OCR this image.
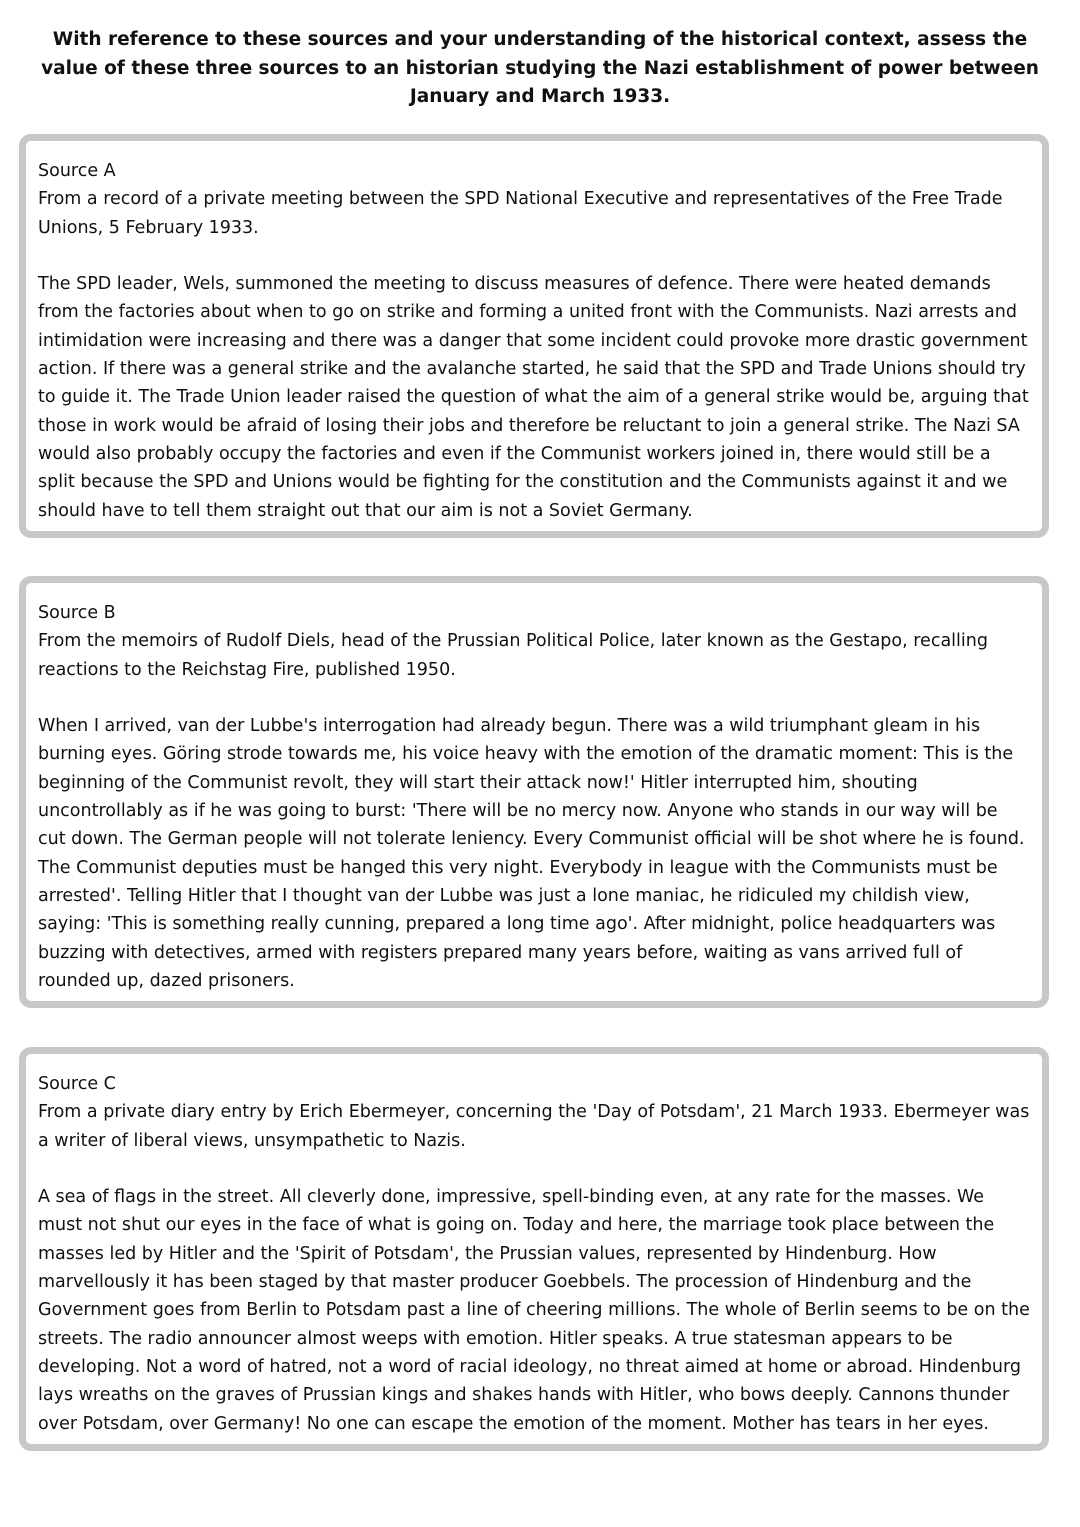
With reference to these sources and your understanding of the historical context, assess the value of these three sources to an historian studying the Nazi establishment of power between January and March 1933.

Source A

From a record of a private meeting between the SPD National Executive and representatives of the Free Trade Unions, 5 February 1933.

The SPD leader, Wels, summoned the meeting to discuss measures of defence. There were heated demands from the factories about when to go on strike and forming a united front with the Communists. Nazi arrests and intimidation were increasing and there was a danger that some incident could provoke more drastic government action. If there was a general strike and the avalanche started, he said that the SPD and Trade Unions should try to guide it. The Trade Union leader raised the question of what the aim of a general strike would be, arguing that those in work would be afraid of losing their jobs and therefore be reluctant to join a general strike. The Nazi SA would also probably occupy the factories and even if the Communist workers joined in, there would still be a split because the SPD and Unions would be fighting for the constitution and the Communists against it and we should have to tell them straight out that our aim is not a Soviet Germany.

Source B

From the memoirs of Rudolf Diels, head of the Prussian Political Police, later known as the Gestapo, recalling reactions to the Reichstag Fire, published 1950.

When I arrived, van der Lubbe's interrogation had already begun. There was a wild triumphant gleam in his burning eyes. Göring strode towards me, his voice heavy with the emotion of the dramatic moment: This is the beginning of the Communist revolt, they will start their attack now!' Hitler interrupted him, shouting uncontrollably as if he was going to burst: 'There will be no mercy now. Anyone who stands in our way will be cut down. The German people will not tolerate leniency. Every Communist official will be shot where he is found. The Communist deputies must be hanged this very night. Everybody in league with the Communists must be arrested'. Telling Hitler that I thought van der Lubbe was just a lone maniac, he ridiculed my childish view, saying: 'This is something really cunning, prepared a long time ago'. After midnight, police headquarters was buzzing with detectives, armed with registers prepared many years before, waiting as vans arrived full of rounded up, dazed prisoners.

Source C

From a private diary entry by Erich Ebermeyer, concerning the 'Day of Potsdam', 21 March 1933. Ebermeyer was a writer of liberal views, unsympathetic to Nazis.

A sea of flags in the street. All cleverly done, impressive, spell-binding even, at any rate for the masses. We must not shut our eyes in the face of what is going on. Today and here, the marriage took place between the masses led by Hitler and the 'Spirit of Potsdam', the Prussian values, represented by Hindenburg. How marvellously it has been staged by that master producer Goebbels. The procession of Hindenburg and the Government goes from Berlin to Potsdam past a line of cheering millions. The whole of Berlin seems to be on the streets. The radio announcer almost weeps with emotion. Hitler speaks. A true statesman appears to be developing. Not a word of hatred, not a word of racial ideology, no threat aimed at home or abroad. Hindenburg lays wreaths on the graves of Prussian kings and shakes hands with Hitler, who bows deeply. Cannons thunder over Potsdam, over Germany! No one can escape the emotion of the moment. Mother has tears in her eyes.
